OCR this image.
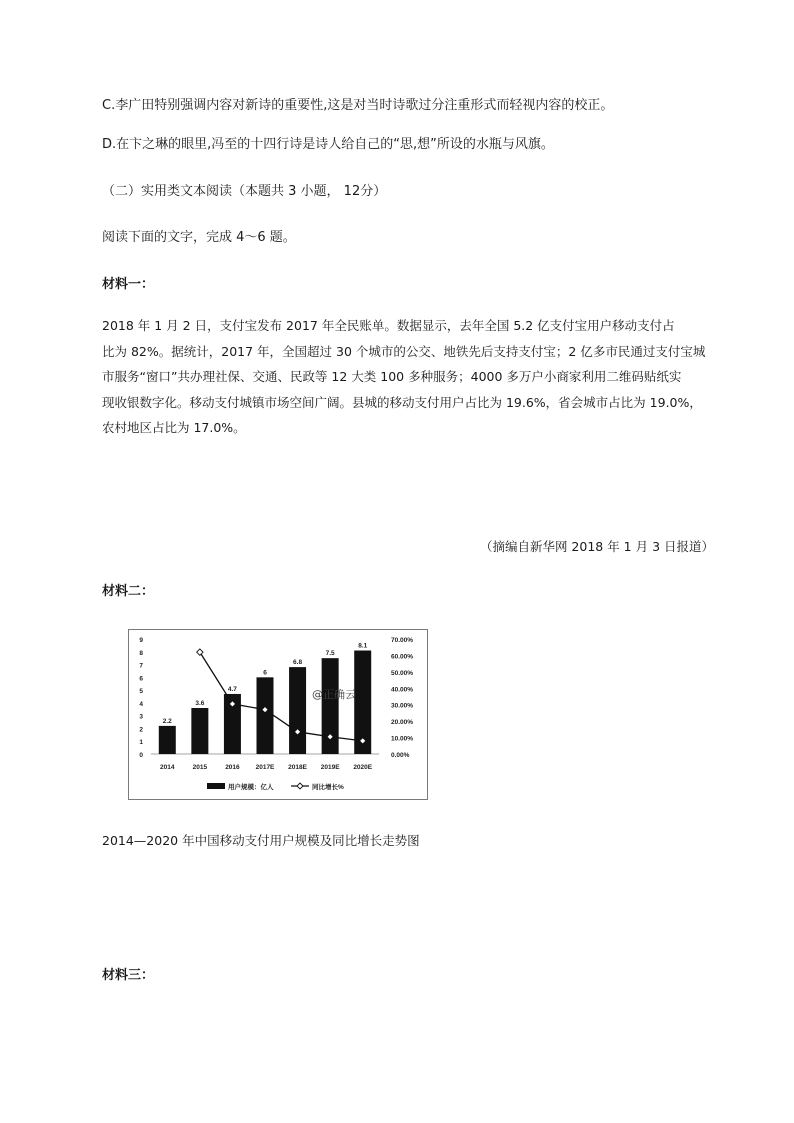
C.李广田特别强调内容对新诗的重要性,这是对当时诗歌过分注重形式而轻视内容的校正。
D.在卞之琳的眼里,冯至的十四行诗是诗人给自己的“思,想”所设的水瓶与风旗。
（二）实用类文本阅读（本题共 3 小题， 12分）
阅读下面的文字，完成 4～6 题。
材料一：
2018 年 1 月 2 日，支付宝发布 2017 年全民账单。数据显示，去年全国 5.2 亿支付宝用户移动支付占
比为 82%。据统计，2017 年，全国超过 30 个城市的公交、地铁先后支持支付宝；2 亿多市民通过支付宝城
市服务“窗口”共办理社保、交通、民政等 12 大类 100 多种服务；4000 多万户小商家利用二维码贴纸实
现收银数字化。移动支付城镇市场空间广阔。县城的移动支付用户占比为 19.6%，省会城市占比为 19.0%，
农村地区占比为 17.0%。
（摘编自新华网 2018 年 1 月 3 日报道）
材料二：
0
1
2
3
4
5
6
7
8
9
0.00%
10.00%
20.00%
30.00%
40.00%
50.00%
60.00%
70.00%
2.2
3.6
4.7
6
6.8
7.5
8.1
2014	2015	2016 2017E 2018E 2019E 2020E
用户规模：亿人	同比增长%
@正确云
2014—2020 年中国移动支付用户规模及同比增长走势图
材料三：
